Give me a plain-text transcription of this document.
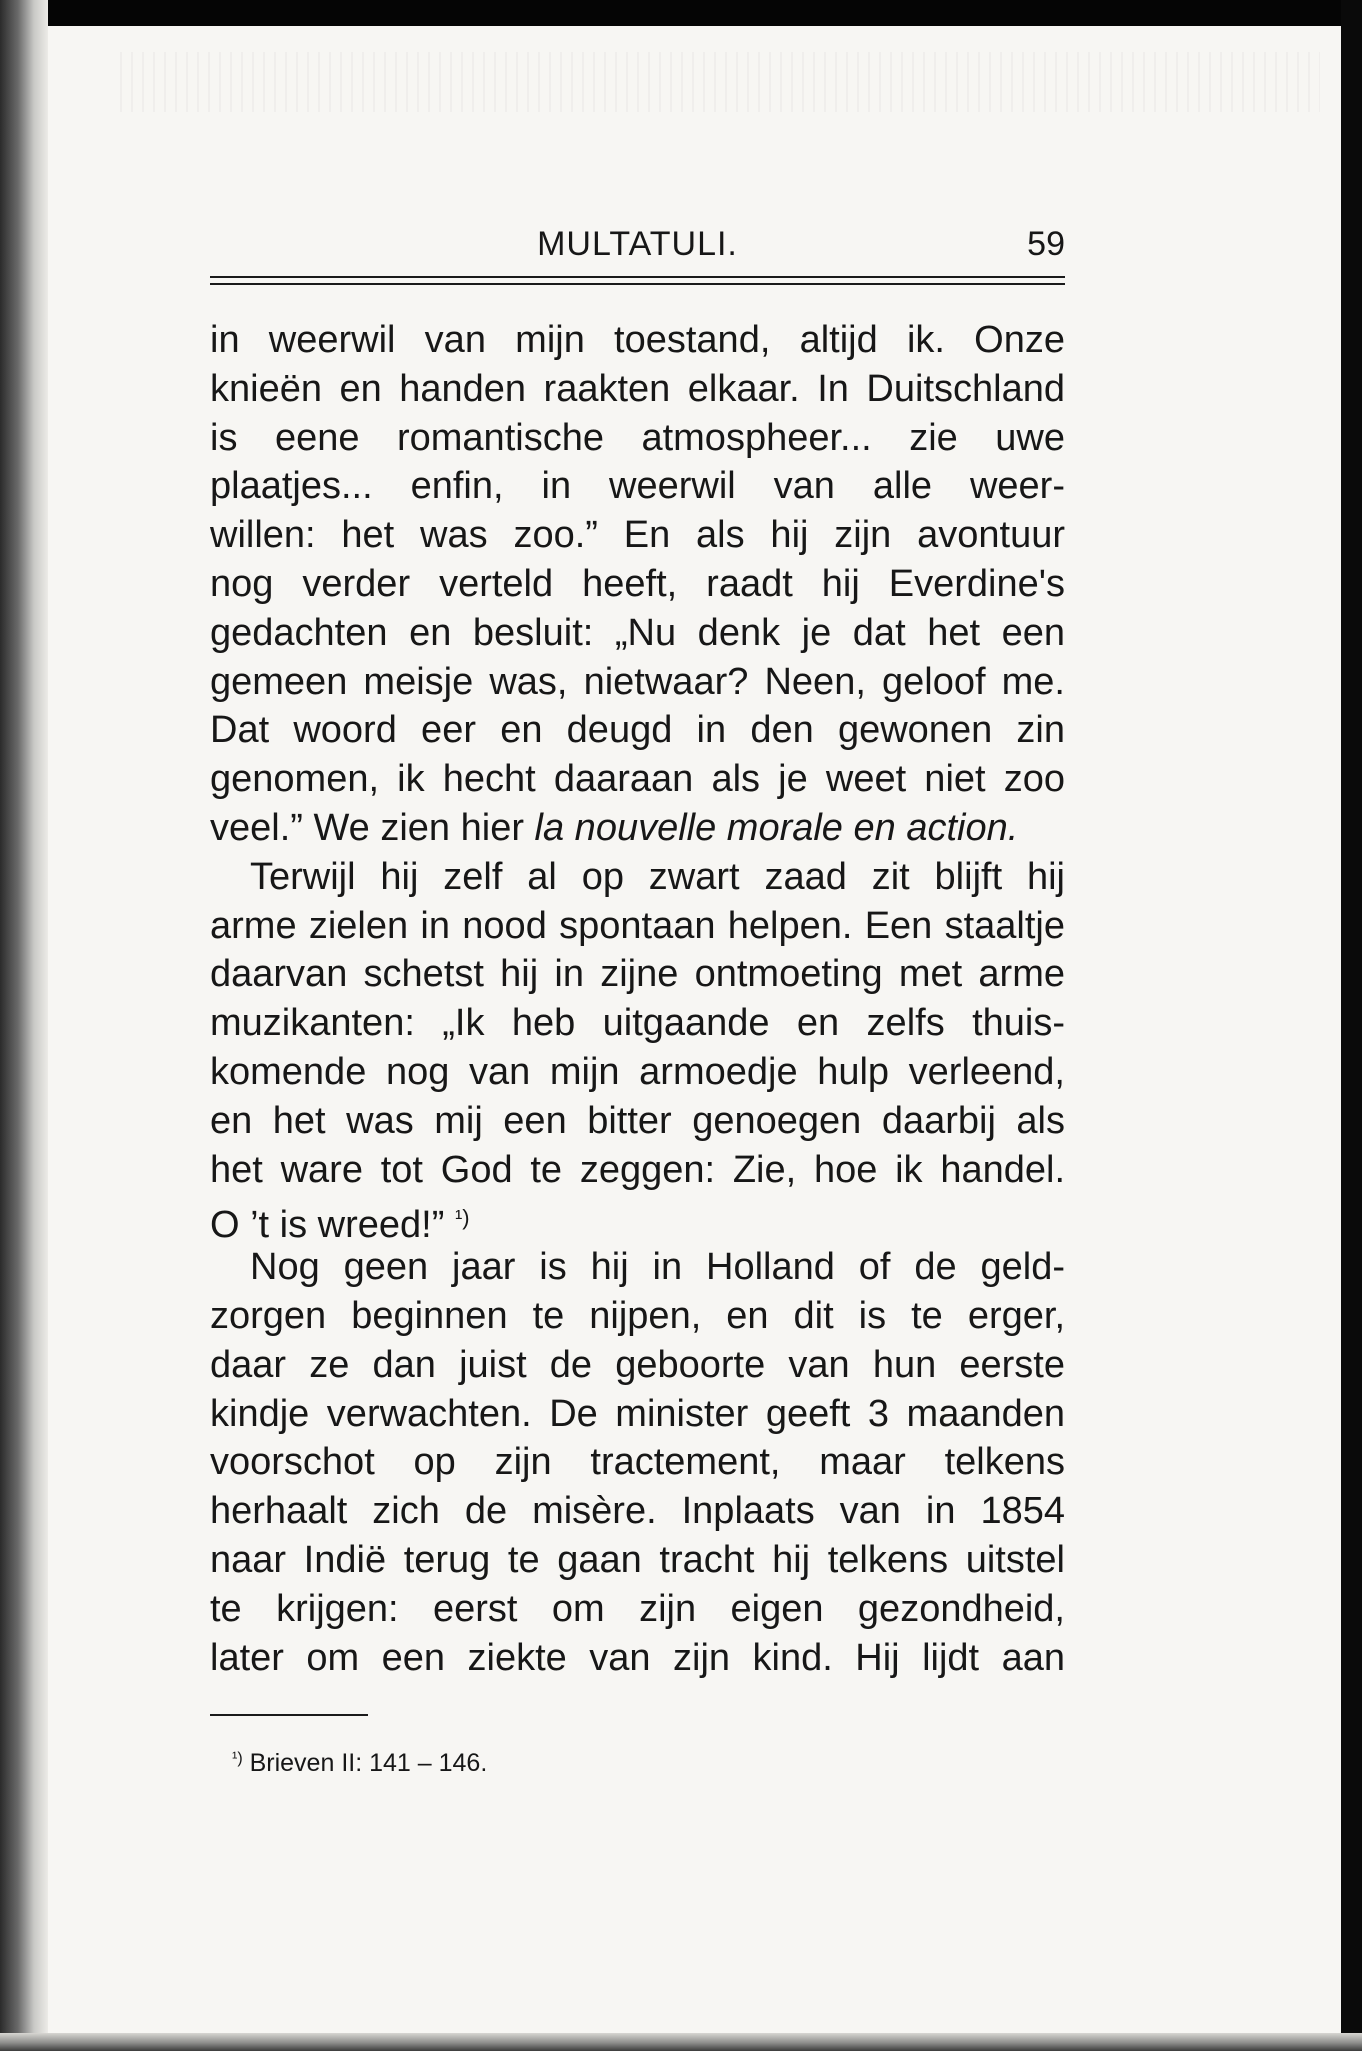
MULTATULI.	59
in weerwil van mijn toestand, altijd ik. Onze
knieën en handen raakten elkaar. In Duitschland
is eene romantische atmospheer... zie uwe
plaatjes... enfin, in weerwil van alle weer-
willen: het was zoo.” En als hij zijn avontuur
nog verder verteld heeft, raadt hij Everdine's
gedachten en besluit: „Nu denk je dat het een
gemeen meisje was, nietwaar? Neen, geloof me.
Dat woord eer en deugd in den gewonen zin
genomen, ik hecht daaraan als je weet niet zoo
veel.” We zien hier la nouvelle morale en action.
Terwijl hij zelf al op zwart zaad zit blijft hij
arme zielen in nood spontaan helpen. Een staaltje
daarvan schetst hij in zijne ontmoeting met arme
muzikanten: „Ik heb uitgaande en zelfs thuis-
komende nog van mijn armoedje hulp verleend,
en het was mij een bitter genoegen daarbij als
het ware tot God te zeggen: Zie, hoe ik handel.
O ’t is wreed!” $^{^1)}$
Nog geen jaar is hij in Holland of de geld-
zorgen beginnen te nijpen, en dit is te erger,
daar ze dan juist de geboorte van hun eerste
kindje verwachten. De minister geeft 3 maanden
voorschot op zijn tractement, maar telkens
herhaalt zich de misère. Inplaats van in 1854
naar Indië terug te gaan tracht hij telkens uitstel
te krijgen: eerst om zijn eigen gezondheid,
later om een ziekte van zijn kind. Hij lijdt aan
$^{^1)}$ Brieven II: 141 – 146.
